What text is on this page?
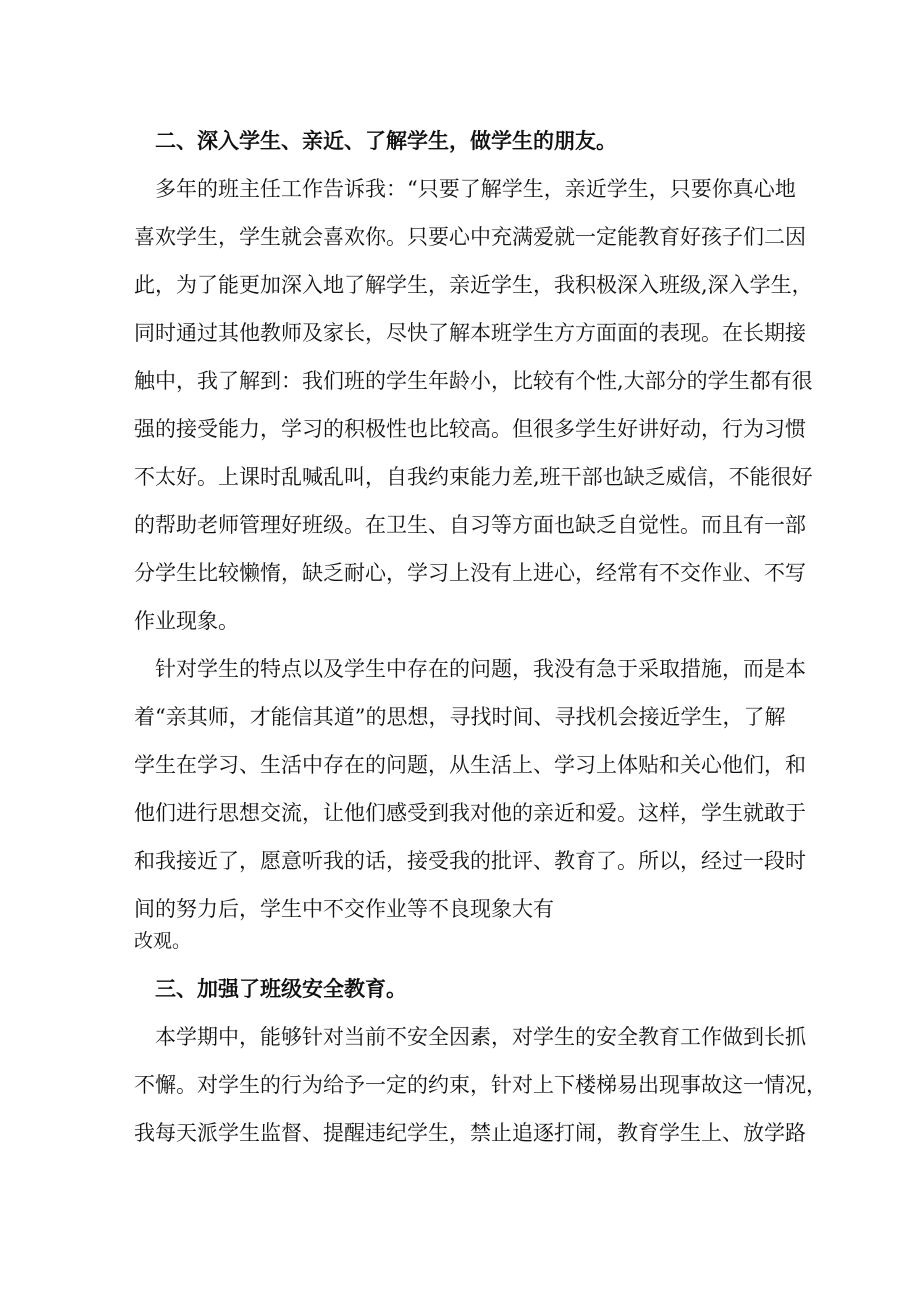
二、深入学生、亲近、了解学生，做学生的朋友。
多年的班主任工作告诉我：“只要了解学生，亲近学生，只要你真心地
喜欢学生，学生就会喜欢你。只要心中充满爱就一定能教育好孩子们二因
此，为了能更加深入地了解学生，亲近学生，我积极深入班级,深入学生，
同时通过其他教师及家长，尽快了解本班学生方方面面的表现。在长期接
触中，我了解到：我们班的学生年龄小，比较有个性,大部分的学生都有很
强的接受能力，学习的积极性也比较高。但很多学生好讲好动，行为习惯
不太好。上课时乱喊乱叫，自我约束能力差,班干部也缺乏威信，不能很好
的帮助老师管理好班级。在卫生、自习等方面也缺乏自觉性。而且有一部
分学生比较懒惰，缺乏耐心，学习上没有上进心，经常有不交作业、不写
作业现象。
针对学生的特点以及学生中存在的问题，我没有急于采取措施，而是本
着“亲其师，才能信其道”的思想，寻找时间、寻找机会接近学生，了解
学生在学习、生活中存在的问题，从生活上、学习上体贴和关心他们，和
他们进行思想交流，让他们感受到我对他的亲近和爱。这样，学生就敢于
和我接近了，愿意听我的话，接受我的批评、教育了。所以，经过一段时
间的努力后，学生中不交作业等不良现象大有
改观。
三、加强了班级安全教育。
本学期中，能够针对当前不安全因素，对学生的安全教育工作做到长抓
不懈。对学生的行为给予一定的约束，针对上下楼梯易出现事故这一情况，
我每天派学生监督、提醒违纪学生，禁止追逐打闹，教育学生上、放学路
